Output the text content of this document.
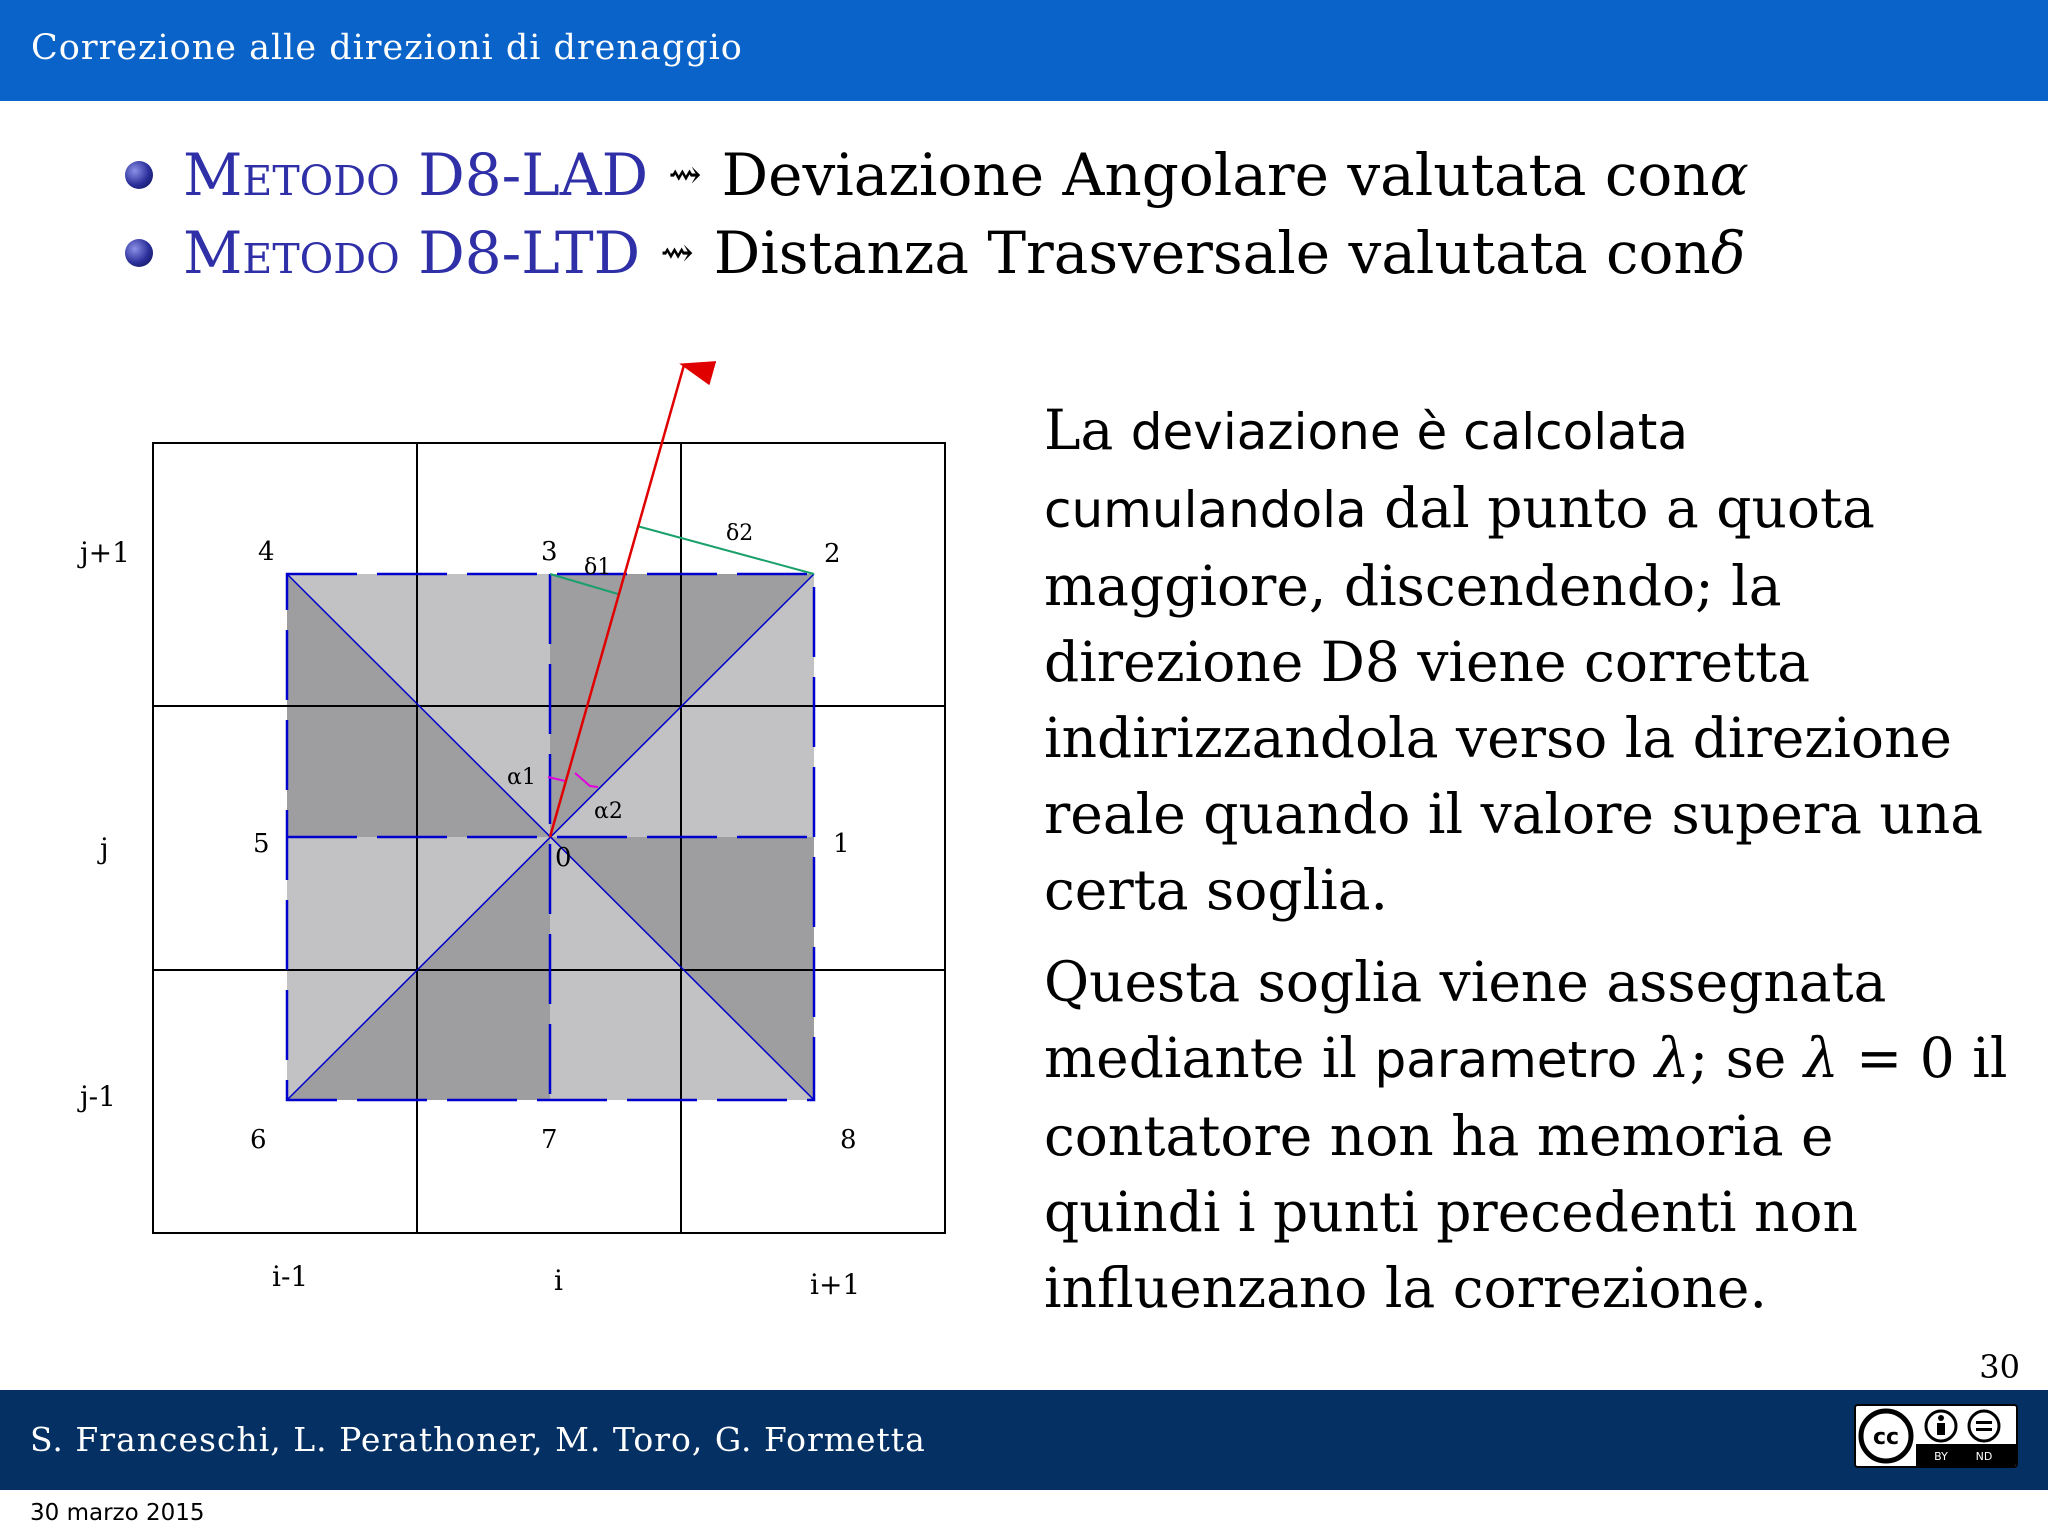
Correzione alle direzioni di drenaggio
Metodo D8-LAD ⇝ Deviazione Angolare valutata con α
Metodo D8-LTD ⇝ Distanza Trasversale valutata con δ
4	3	2
5	0	1
6	7	8
α1
α2
δ1
δ2
j+1
j
j-1
i-1	i	i+1

La deviazione è calcolata cumulandola dal punto a quota maggiore, discendendo; la direzione D8 viene corretta indirizzandola verso la direzione reale quando il valore supera una certa soglia.

Questa soglia viene assegnata mediante il parametro λ; se λ = 0 il contatore non ha memoria e quindi i punti precedenti non influenzano la correzione.

30
S. Franceschi, L. Perathoner, M. Toro, G. Formetta	cc
BY	ND
30 marzo 2015
